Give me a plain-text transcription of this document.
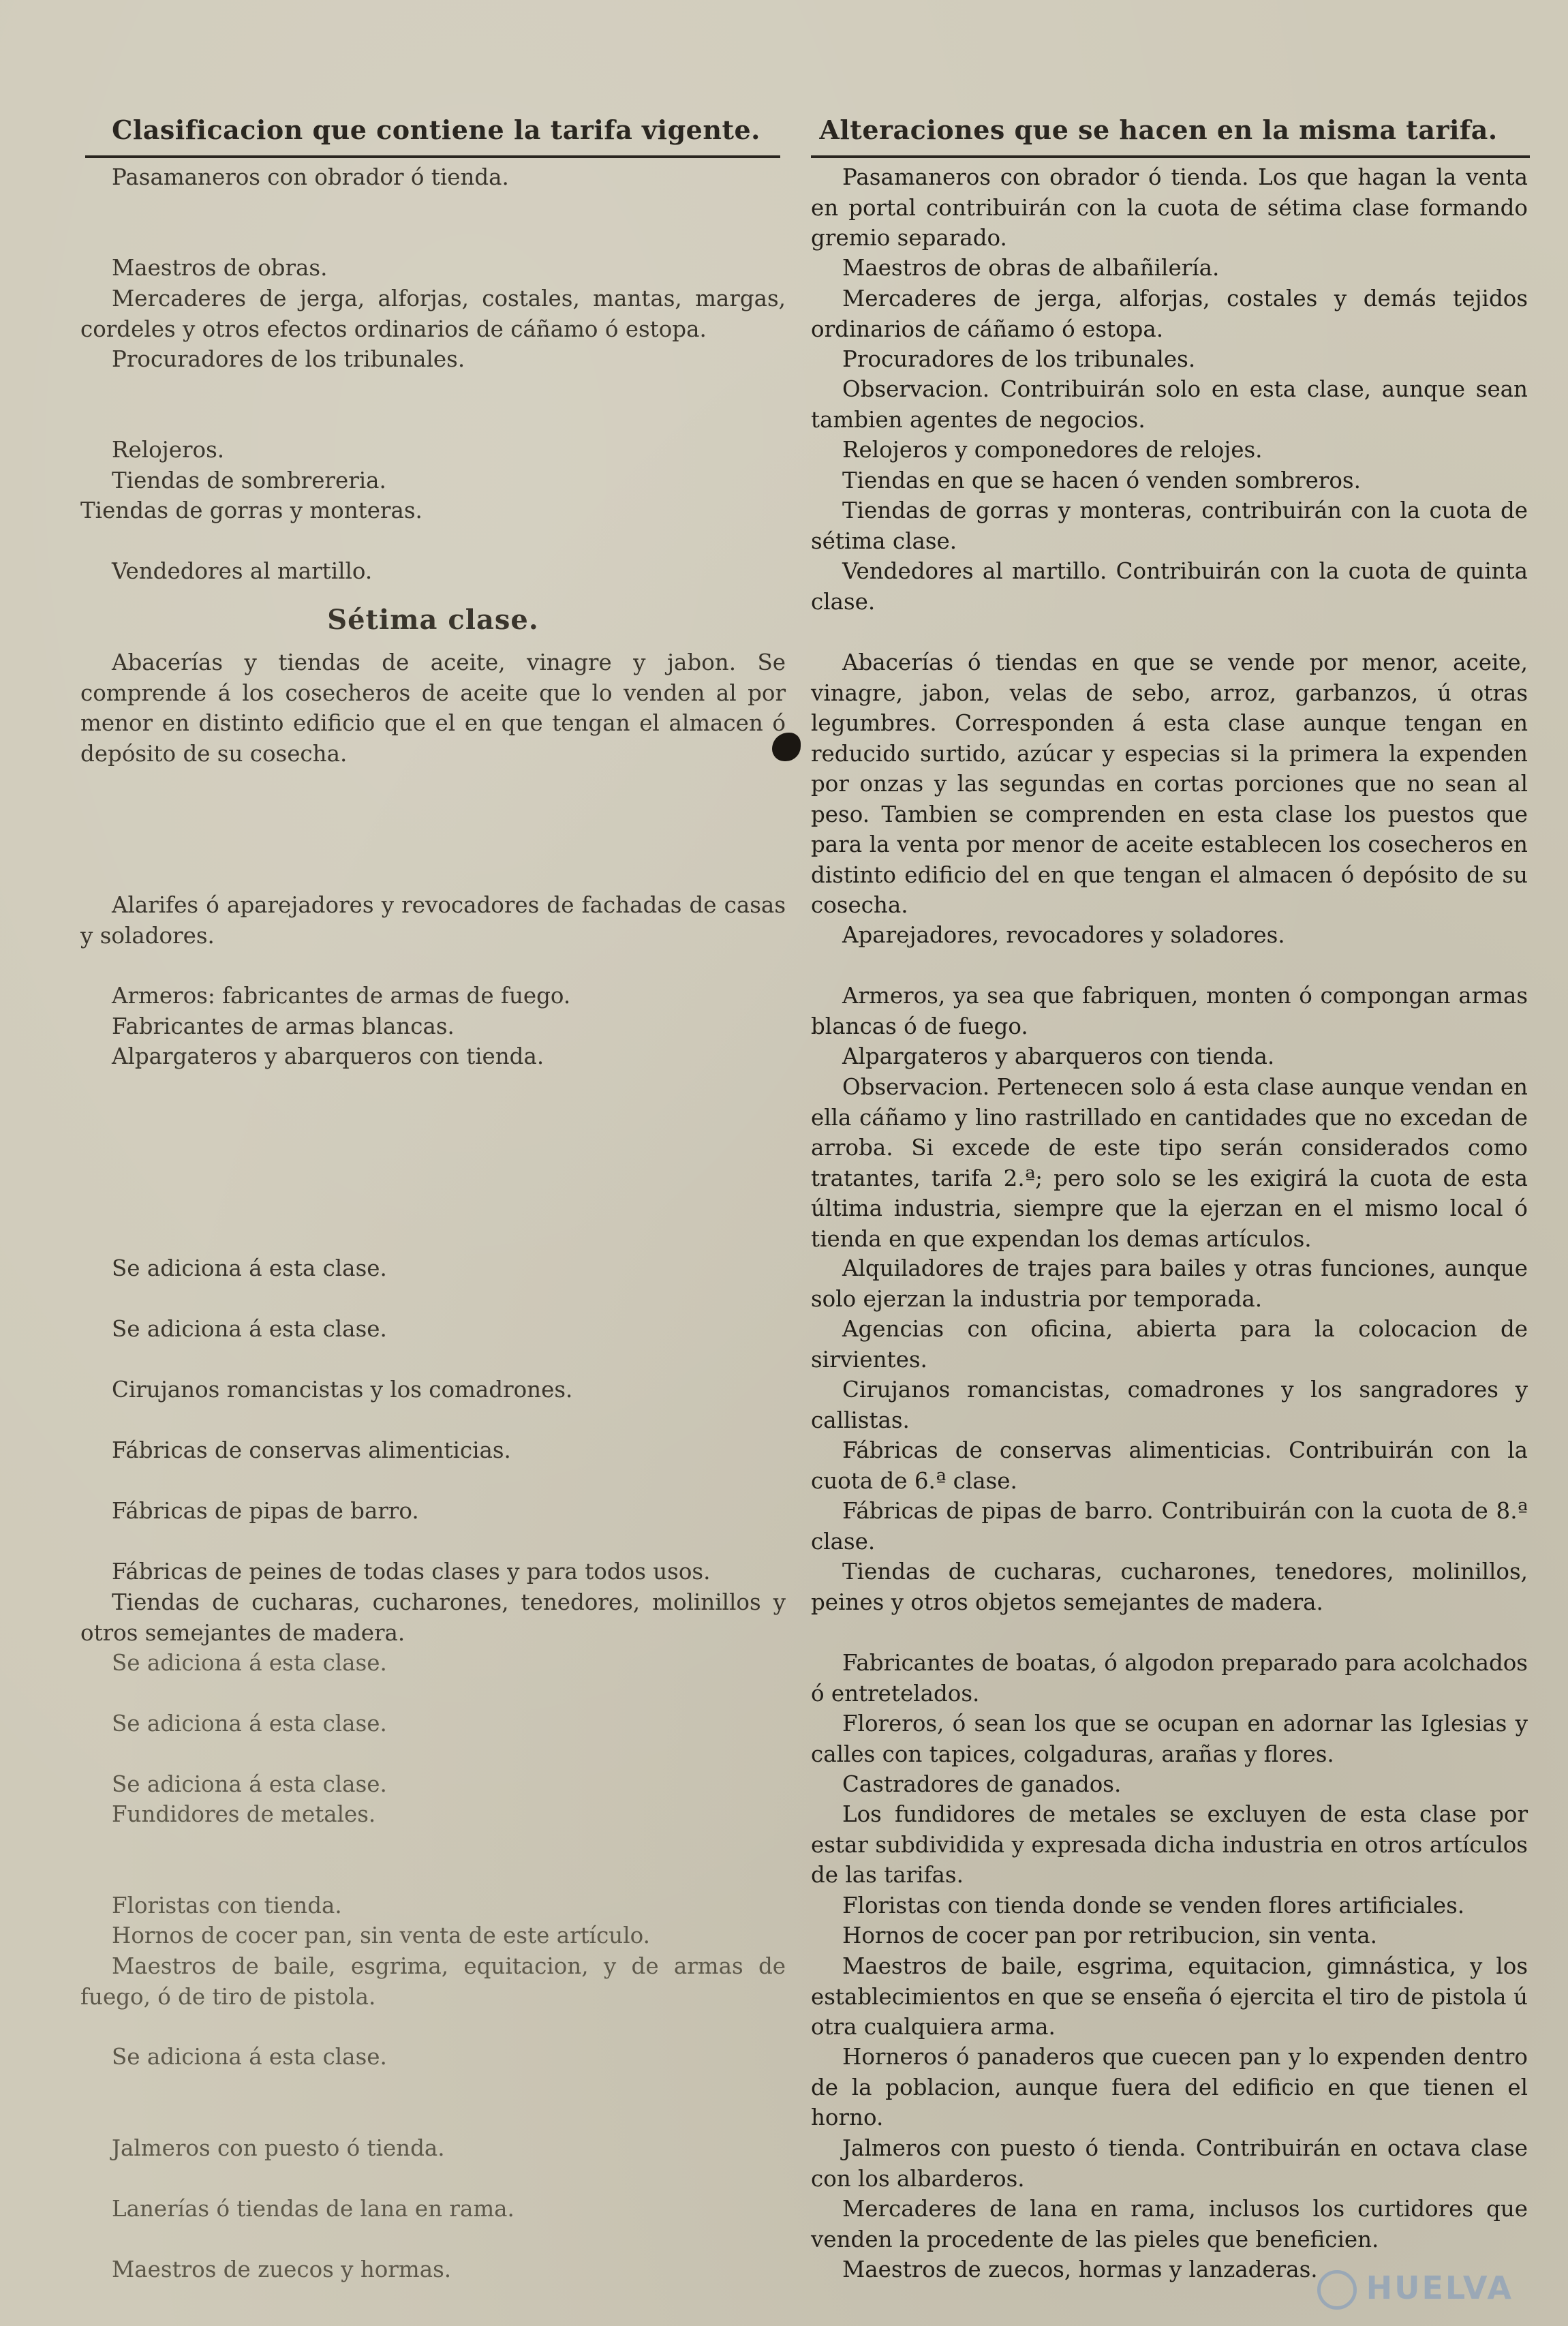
Clasificacion que contiene la tarifa vigente.	Alteraciones que se hacen en la misma tarifa.
Pasamaneros con obrador ó tienda.
Maestros de obras.
Mercaderes de jerga, alforjas, costales, mantas, margas, cordeles y otros efectos ordinarios de cáñamo ó estopa.
Procuradores de los tribunales.
Relojeros.
Tiendas de sombrereria.
Tiendas de gorras y monteras.
Vendedores al martillo.
Sétima clase.
Abacerías y tiendas de aceite, vinagre y jabon. Se comprende á los cosecheros de aceite que lo venden al por menor en distinto edificio que el en que tengan el almacen ó depósito de su cosecha.
Alarifes ó aparejadores y revocadores de fachadas de casas y soladores.
Armeros: fabricantes de armas de fuego.
Fabricantes de armas blancas.
Alpargateros y abarqueros con tienda.
Se adiciona á esta clase.
Se adiciona á esta clase.
Cirujanos romancistas y los comadrones.
Fábricas de conservas alimenticias.
Fábricas de pipas de barro.
Fábricas de peines de todas clases y para todos usos.
Tiendas de cucharas, cucharones, tenedores, molinillos y otros semejantes de madera.
Se adiciona á esta clase.
Se adiciona á esta clase.
Se adiciona á esta clase.
Fundidores de metales.
Floristas con tienda.
Hornos de cocer pan, sin venta de este artículo.
Maestros de baile, esgrima, equitacion, y de armas de fuego, ó de tiro de pistola.
Se adiciona á esta clase.
Jalmeros con puesto ó tienda.
Lanerías ó tiendas de lana en rama.
Maestros de zuecos y hormas.
Pasamaneros con obrador ó tienda. Los que hagan la venta en portal contribuirán con la cuota de sétima clase formando gremio separado.
Maestros de obras de albañilería.
Mercaderes de jerga, alforjas, costales y demás tejidos ordinarios de cáñamo ó estopa.
Procuradores de los tribunales.
Observacion. Contribuirán solo en esta clase, aunque sean tambien agentes de negocios.
Relojeros y componedores de relojes.
Tiendas en que se hacen ó venden sombreros.
Tiendas de gorras y monteras, contribuirán con la cuota de sétima clase.
Vendedores al martillo. Contribuirán con la cuota de quinta clase.
Abacerías ó tiendas en que se vende por menor, aceite, vinagre, jabon, velas de sebo, arroz, garbanzos, ú otras legumbres. Corresponden á esta clase aunque tengan en reducido surtido, azúcar y especias si la primera la expenden por onzas y las segundas en cortas porciones que no sean al peso. Tambien se comprenden en esta clase los puestos que para la venta por menor de aceite establecen los cosecheros en distinto edificio del en que tengan el almacen ó depósito de su cosecha.
Aparejadores, revocadores y soladores.
Armeros, ya sea que fabriquen, monten ó compongan armas blancas ó de fuego.
Alpargateros y abarqueros con tienda.
Observacion. Pertenecen solo á esta clase aunque vendan en ella cáñamo y lino rastrillado en cantidades que no excedan de arroba. Si excede de este tipo serán considerados como tratantes, tarifa 2.ª; pero solo se les exigirá la cuota de esta última industria, siempre que la ejerzan en el mismo local ó tienda en que expendan los demas artículos.
Alquiladores de trajes para bailes y otras funciones, aunque solo ejerzan la industria por temporada.
Agencias con oficina, abierta para la colocacion de sirvientes.
Cirujanos romancistas, comadrones y los sangradores y callistas.
Fábricas de conservas alimenticias. Contribuirán con la cuota de 6.ª clase.
Fábricas de pipas de barro. Contribuirán con la cuota de 8.ª clase.
Tiendas de cucharas, cucharones, tenedores, molinillos, peines y otros objetos semejantes de madera.
Fabricantes de boatas, ó algodon preparado para acolchados ó entretelados.
Floreros, ó sean los que se ocupan en adornar las Iglesias y calles con tapices, colgaduras, arañas y flores.
Castradores de ganados.
Los fundidores de metales se excluyen de esta clase por estar subdividida y expresada dicha industria en otros artículos de las tarifas.
Floristas con tienda donde se venden flores artificiales.
Hornos de cocer pan por retribucion, sin venta.
Maestros de baile, esgrima, equitacion, gimnástica, y los establecimientos en que se enseña ó ejercita el tiro de pistola ú otra cualquiera arma.
Horneros ó panaderos que cuecen pan y lo expenden dentro de la poblacion, aunque fuera del edificio en que tienen el horno.
Jalmeros con puesto ó tienda. Contribuirán en octava clase con los albarderos.
Mercaderes de lana en rama, inclusos los curtidores que venden la procedente de las pieles que beneficien.
Maestros de zuecos, hormas y lanzaderas.	HUELVA
